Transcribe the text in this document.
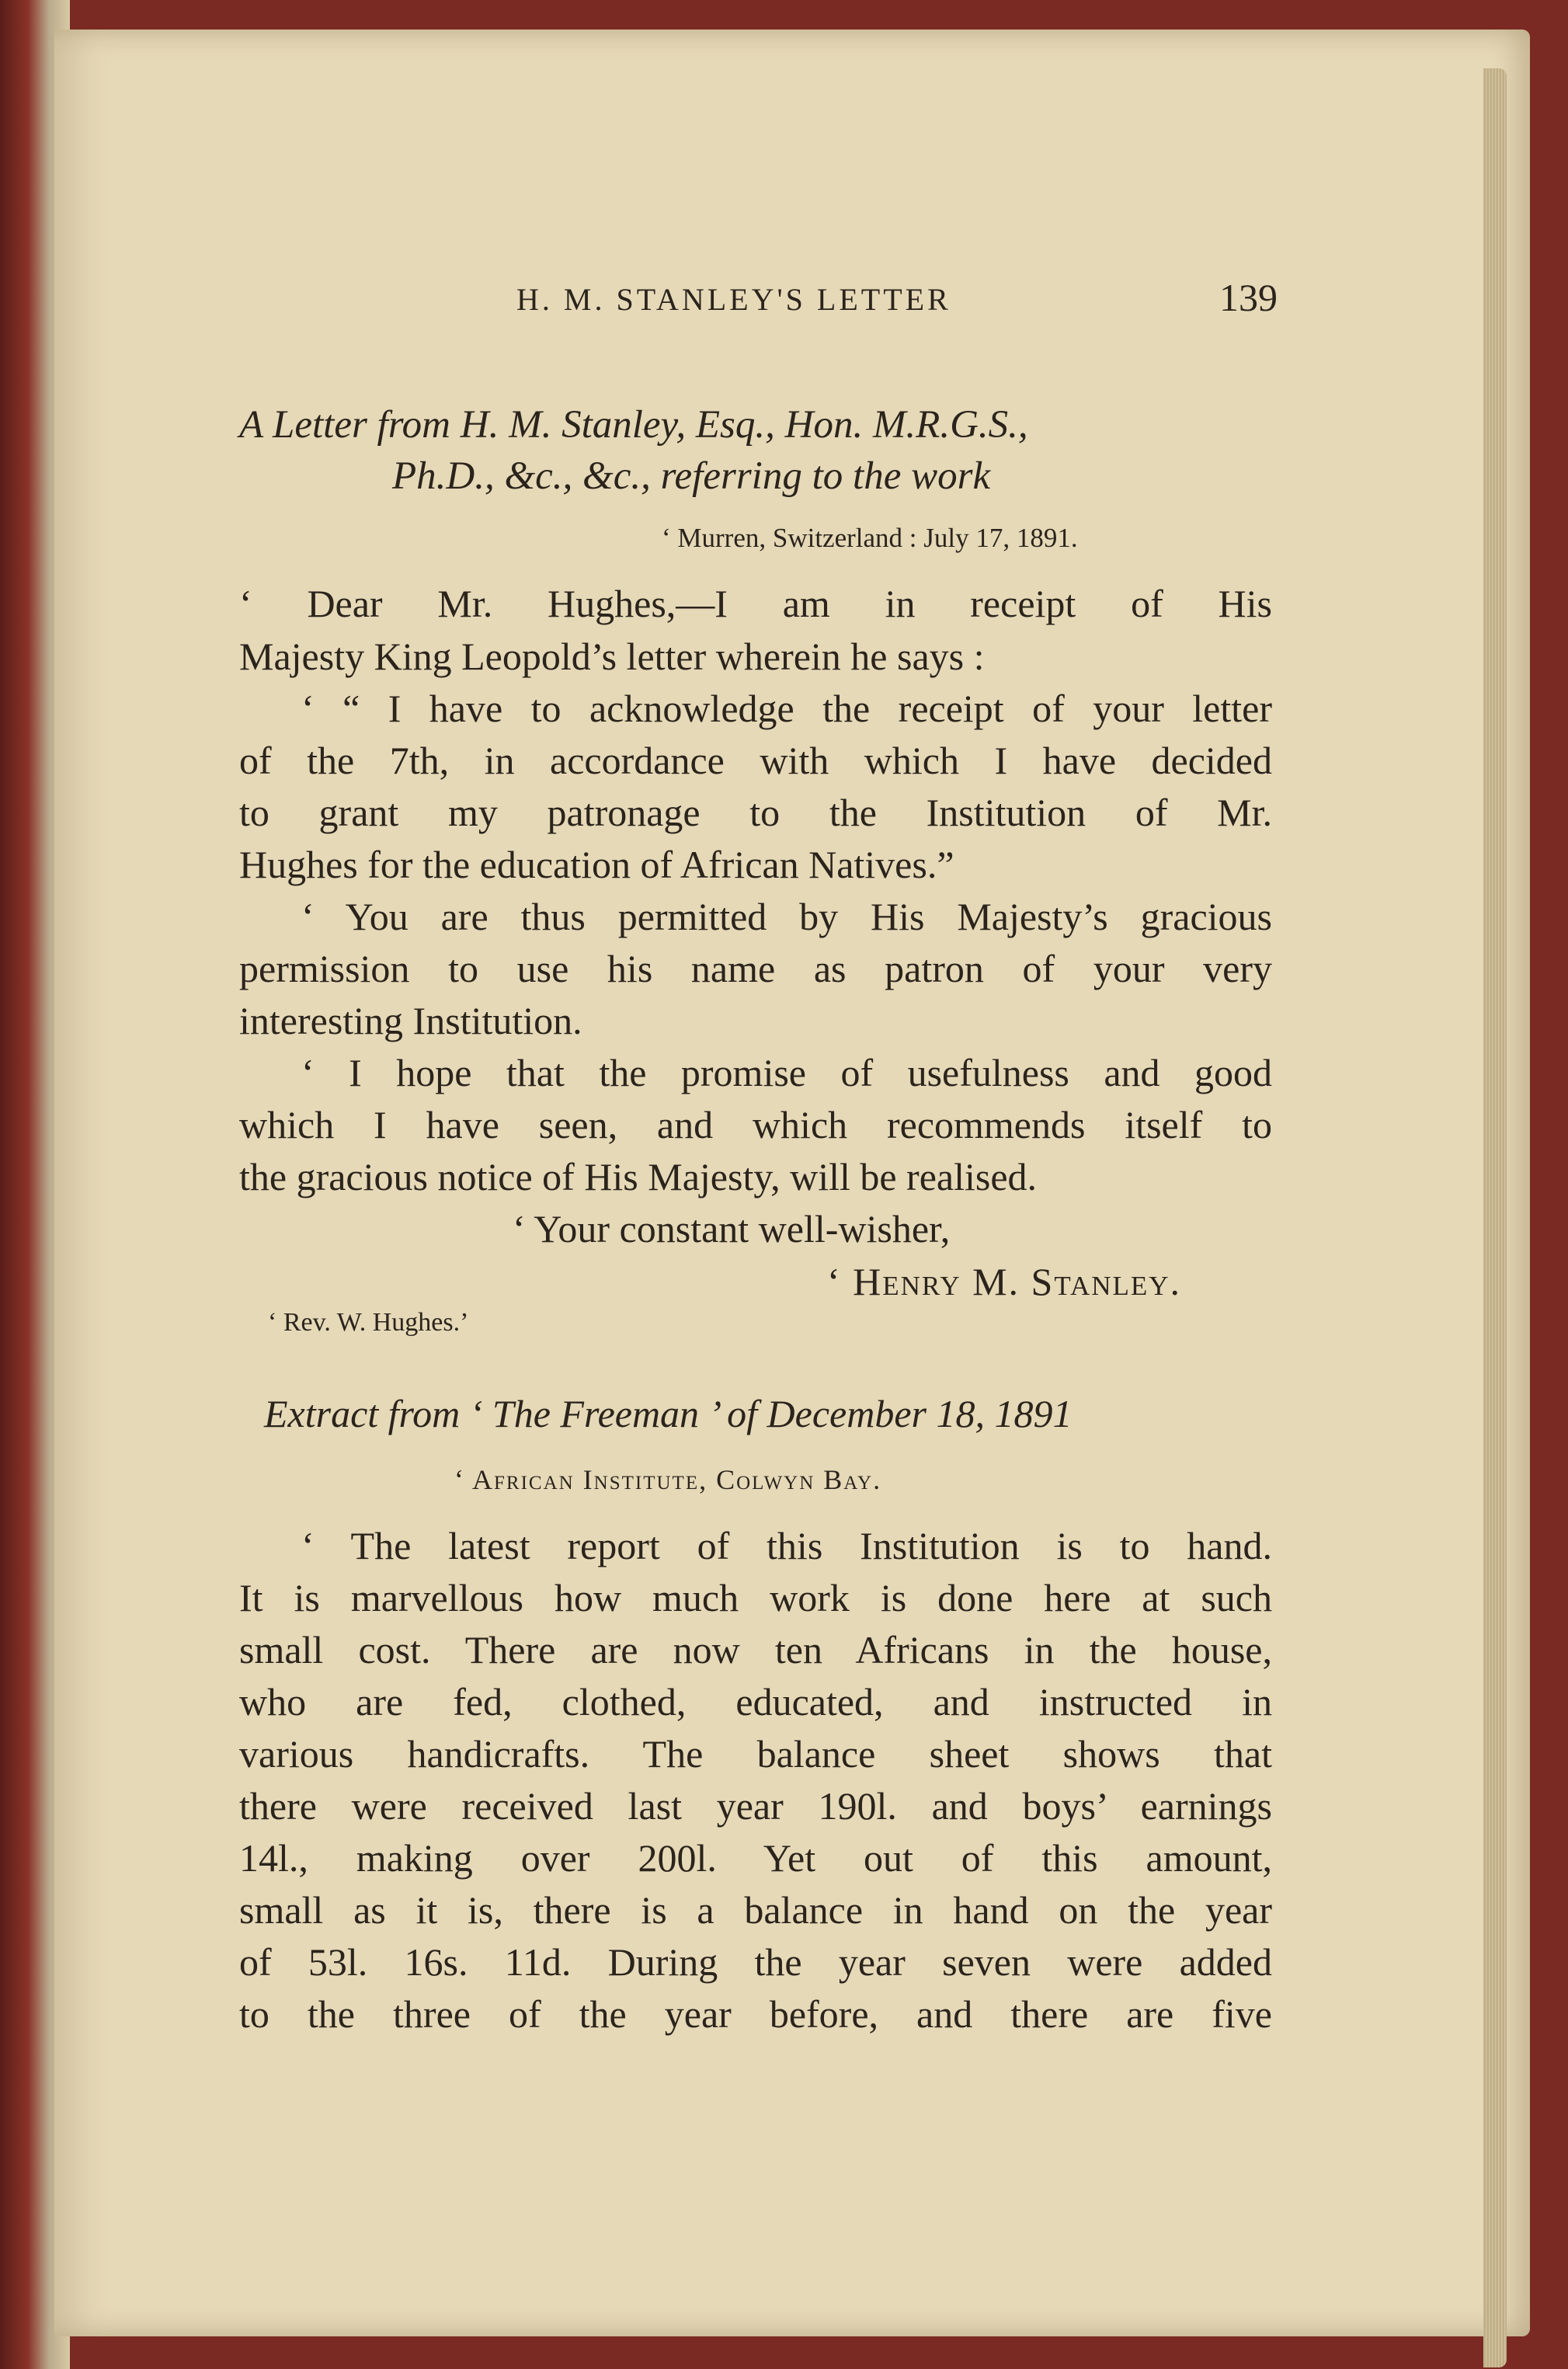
H. M. STANLEY'S LETTER	139
A Letter from H. M. Stanley, Esq., Hon. M.R.G.S.,
Ph.D., &c., &c., referring to the work
‘ Murren, Switzerland : July 17, 1891.
‘ Dear Mr. Hughes,—I am in receipt of His
Majesty King Leopold’s letter wherein he says :
‘ “ I have to acknowledge the receipt of your letter
of the 7th, in accordance with which I have decided
to grant my patronage to the Institution of Mr.
Hughes for the education of African Natives.”
‘ You are thus permitted by His Majesty’s gracious
permission to use his name as patron of your very
interesting Institution.
‘ I hope that the promise of usefulness and good
which I have seen, and which recommends itself to
the gracious notice of His Majesty, will be realised.
‘ Your constant well-wisher,
‘ Henry M. Stanley.
‘ Rev. W. Hughes.’
Extract from ‘ The Freeman ’ of December 18, 1891
‘ African Institute, Colwyn Bay.
‘ The latest report of this Institution is to hand.
It is marvellous how much work is done here at such
small cost. There are now ten Africans in the house,
who are fed, clothed, educated, and instructed in
various handicrafts. The balance sheet shows that
there were received last year 190l. and boys’ earnings
14l., making over 200l. Yet out of this amount,
small as it is, there is a balance in hand on the year
of 53l. 16s. 11d. During the year seven were added
to the three of the year before, and there are five
